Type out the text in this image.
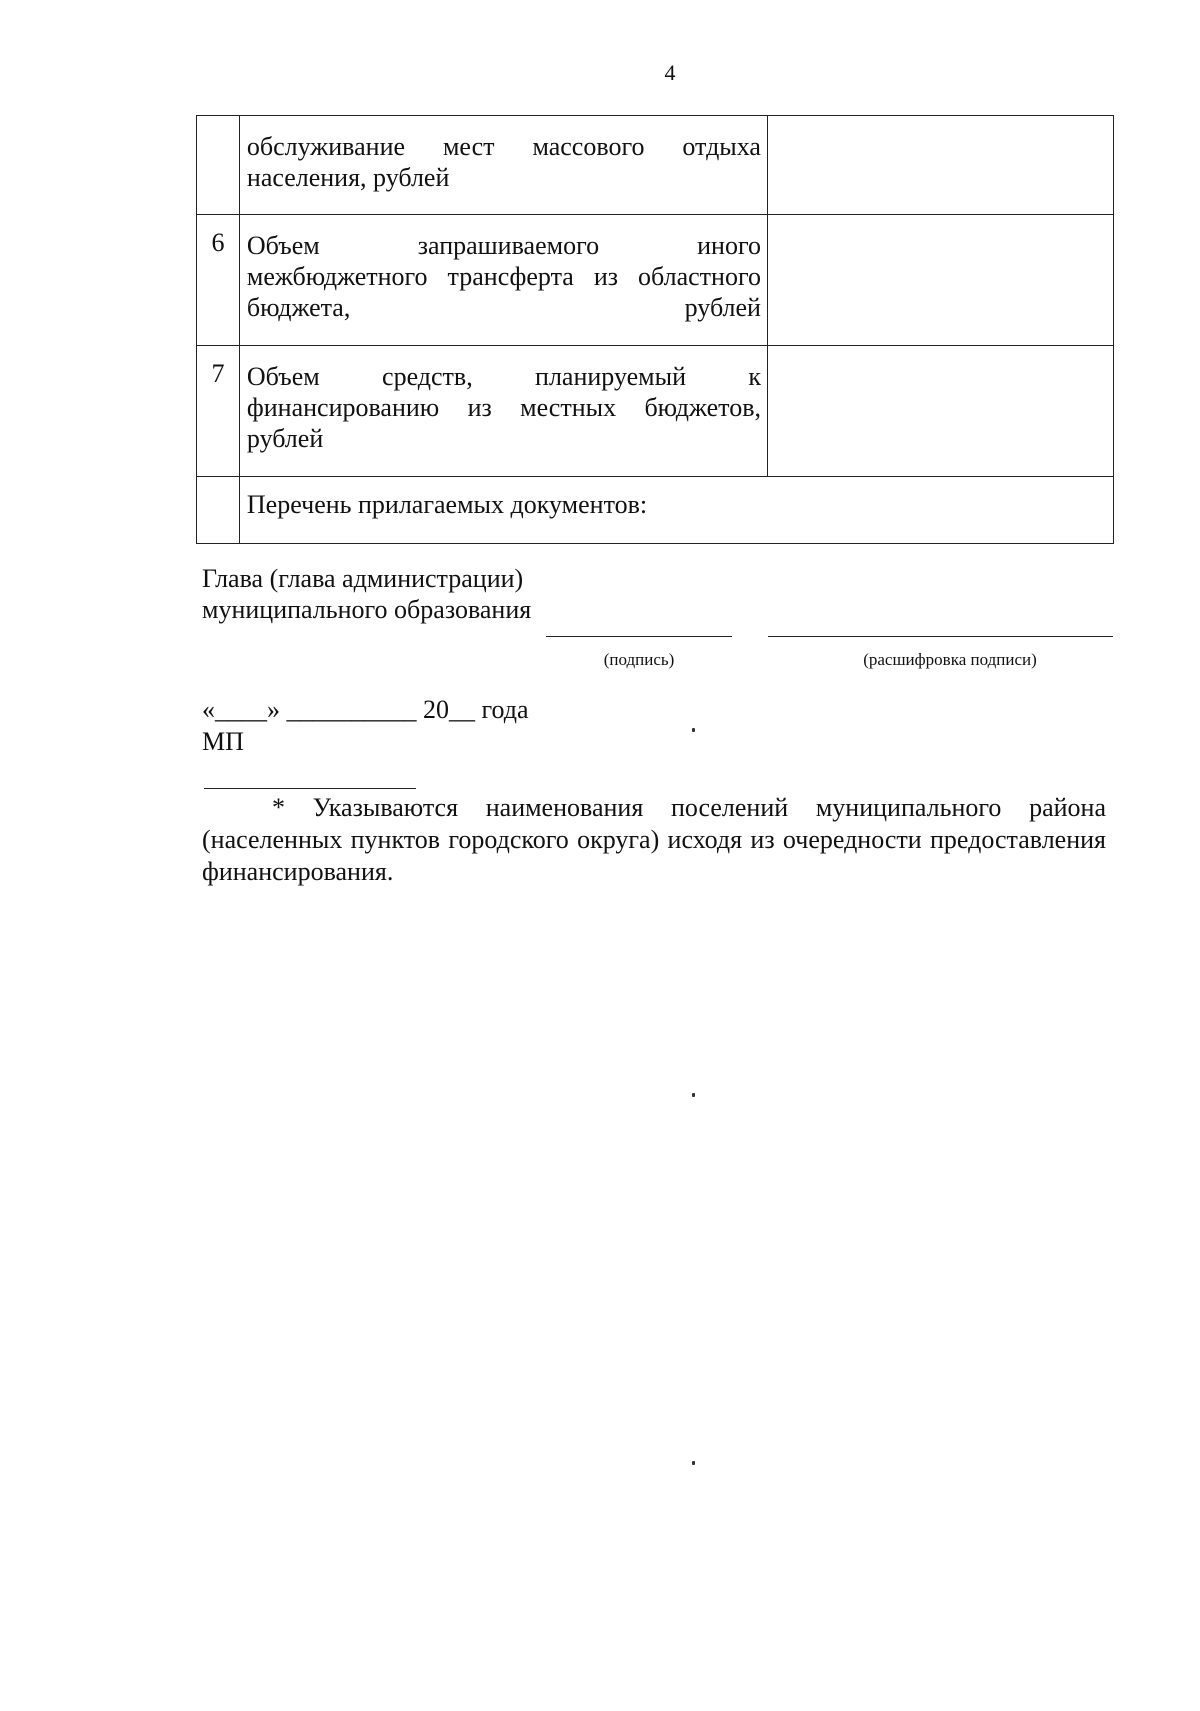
4

	обслуживание мест массового отдыха населения, рублей	

6	Объем запрашиваемого иного межбюджетного трансферта из областного бюджета, рублей	

7	Объем средств, планируемый к финансированию из местных бюджетов, рублей	

	Перечень прилагаемых документов:	
Глава (глава администрации)
муниципального образования
(подпись)	(расшифровка подписи)
«____» __________ 20__ года
МП
* Указываются наименования поселений муниципального района (населенных пунктов городского округа) исходя из очередности предоставления финансирования.
